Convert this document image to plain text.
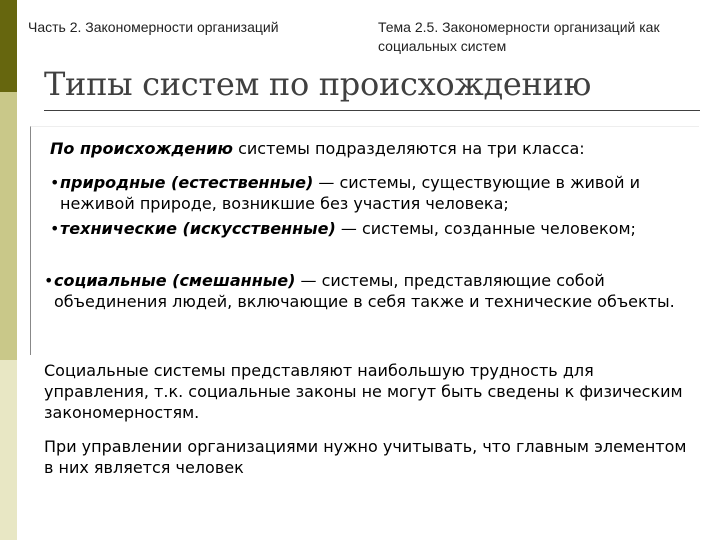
Часть 2. Закономерности организаций	Тема 2.5. Закономерности организаций как
социальных систем
Типы систем по происхождению
По происхождению системы подразделяются на три класса:
• природные (естественные) — системы, существующие в живой и неживой природе, возникшие без участия человека;
• технические (искусственные) — системы, созданные человеком;
• социальные (смешанные) — системы, представляющие собой объединения людей, включающие в себя также и технические объекты.
Социальные системы представляют наибольшую трудность для управления, т.к. социальные законы не могут быть сведены к физическим закономерностям.
При управлении организациями нужно учитывать, что главным элементом в них является человек
